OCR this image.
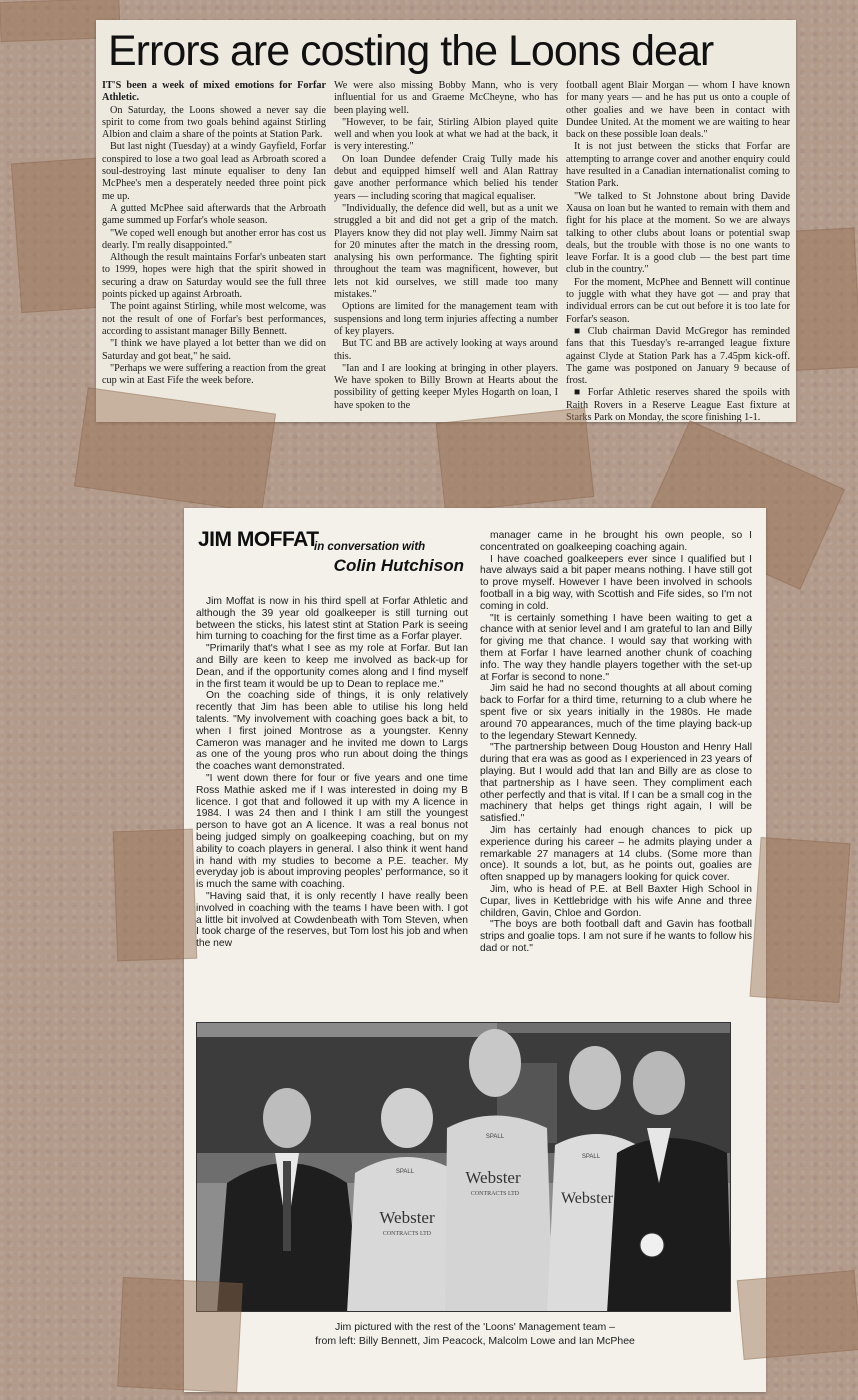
Errors are costing the Loons dear

IT'S been a week of mixed emotions for Forfar Athletic.

On Saturday, the Loons showed a never say die spirit to come from two goals behind against Stirling Albion and claim a share of the points at Station Park.

But last night (Tuesday) at a windy Gayfield, Forfar conspired to lose a two goal lead as Arbroath scored a soul-destroying last minute equaliser to deny Ian McPhee's men a desperately needed three point pick me up.

A gutted McPhee said afterwards that the Arbroath game summed up Forfar's whole season.

"We coped well enough but another error has cost us dearly. I'm really disappointed."

Although the result maintains Forfar's unbeaten start to 1999, hopes were high that the spirit showed in securing a draw on Saturday would see the full three points picked up against Arbroath.

The point against Stirling, while most welcome, was not the result of one of Forfar's best performances, according to assistant manager Billy Bennett.

"I think we have played a lot better than we did on Saturday and got beat," he said.

"Perhaps we were suffering a reaction from the great cup win at East Fife the week before.

We were also missing Bobby Mann, who is very influential for us and Graeme McCheyne, who has been playing well.

"However, to be fair, Stirling Albion played quite well and when you look at what we had at the back, it is very interesting."

On loan Dundee defender Craig Tully made his debut and equipped himself well and Alan Rattray gave another performance which belied his tender years — including scoring that magical equaliser.

"Individually, the defence did well, but as a unit we struggled a bit and did not get a grip of the match. Players know they did not play well. Jimmy Nairn sat for 20 minutes after the match in the dressing room, analysing his own performance. The fighting spirit throughout the team was magnificent, however, but lets not kid ourselves, we still made too many mistakes."

Options are limited for the management team with suspensions and long term injuries affecting a number of key players.

But TC and BB are actively looking at ways around this.

"Ian and I are looking at bringing in other players. We have spoken to Billy Brown at Hearts about the possibility of getting keeper Myles Hogarth on loan, I have spoken to the

football agent Blair Morgan — whom I have known for many years — and he has put us onto a couple of other goalies and we have been in contact with Dundee United. At the moment we are waiting to hear back on these possible loan deals."

It is not just between the sticks that Forfar are attempting to arrange cover and another enquiry could have resulted in a Canadian internationalist coming to Station Park.

"We talked to St Johnstone about bring Davide Xausa on loan but he wanted to remain with them and fight for his place at the moment. So we are always talking to other clubs about loans or potential swap deals, but the trouble with those is no one wants to leave Forfar. It is a good club — the best part time club in the country."

For the moment, McPhee and Bennett will continue to juggle with what they have got — and pray that individual errors can be cut out before it is too late for Forfar's season.

■ Club chairman David McGregor has reminded fans that this Tuesday's re-arranged league fixture against Clyde at Station Park has a 7.45pm kick-off. The game was postponed on January 9 because of frost.

■ Forfar Athletic reserves shared the spoils with Raith Rovers in a Reserve League East fixture at Starks Park on Monday, the score finishing 1-1.

JIM MOFFAT
in conversation with
Colin Hutchison

Jim Moffat is now in his third spell at Forfar Athletic and although the 39 year old goalkeeper is still turning out between the sticks, his latest stint at Station Park is seeing him turning to coaching for the first time as a Forfar player.

"Primarily that's what I see as my role at Forfar. But Ian and Billy are keen to keep me involved as back-up for Dean, and if the opportunity comes along and I find myself in the first team it would be up to Dean to replace me."

On the coaching side of things, it is only relatively recently that Jim has been able to utilise his long held talents. "My involvement with coaching goes back a bit, to when I first joined Montrose as a youngster. Kenny Cameron was manager and he invited me down to Largs as one of the young pros who run about doing the things the coaches want demonstrated.

"I went down there for four or five years and one time Ross Mathie asked me if I was interested in doing my B licence. I got that and followed it up with my A licence in 1984. I was 24 then and I think I am still the youngest person to have got an A licence. It was a real bonus not being judged simply on goalkeeping coaching, but on my ability to coach players in general. I also think it went hand in hand with my studies to become a P.E. teacher. My everyday job is about improving peoples' performance, so it is much the same with coaching.

"Having said that, it is only recently I have really been involved in coaching with the teams I have been with. I got a little bit involved at Cowdenbeath with Tom Steven, when I took charge of the reserves, but Tom lost his job and when the new

manager came in he brought his own people, so I concentrated on goalkeeping coaching again.

I have coached goalkeepers ever since I qualified but I have always said a bit paper means nothing. I have still got to prove myself. However I have been involved in schools football in a big way, with Scottish and Fife sides, so I'm not coming in cold.

"It is certainly something I have been waiting to get a chance with at senior level and I am grateful to Ian and Billy for giving me that chance. I would say that working with them at Forfar I have learned another chunk of coaching info. The way they handle players together with the set-up at Forfar is second to none."

Jim said he had no second thoughts at all about coming back to Forfar for a third time, returning to a club where he spent five or six years initially in the 1980s. He made around 70 appearances, much of the time playing back-up to the legendary Stewart Kennedy.

"The partnership between Doug Houston and Henry Hall during that era was as good as I experienced in 23 years of playing. But I would add that Ian and Billy are as close to that partnership as I have seen. They compliment each other perfectly and that is vital. If I can be a small cog in the machinery that helps get things right again, I will be satisfied."

Jim has certainly had enough chances to pick up experience during his career – he admits playing under a remarkable 27 managers at 14 clubs. (Some more than once). It sounds a lot, but, as he points out, goalies are often snapped up by managers looking for quick cover.

Jim, who is head of P.E. at Bell Baxter High School in Cupar, lives in Kettlebridge with his wife Anne and three children, Gavin, Chloe and Gordon.

"The boys are both football daft and Gavin has football strips and goalie tops. I am not sure if he wants to follow his dad or not."

Webster
CONTRACTS LTD
SPALL	Webster
CONTRACTS LTD
SPALL
Webster
SPALL
Jim pictured with the rest of the 'Loons' Management team –
from left: Billy Bennett, Jim Peacock, Malcolm Lowe and Ian McPhee
